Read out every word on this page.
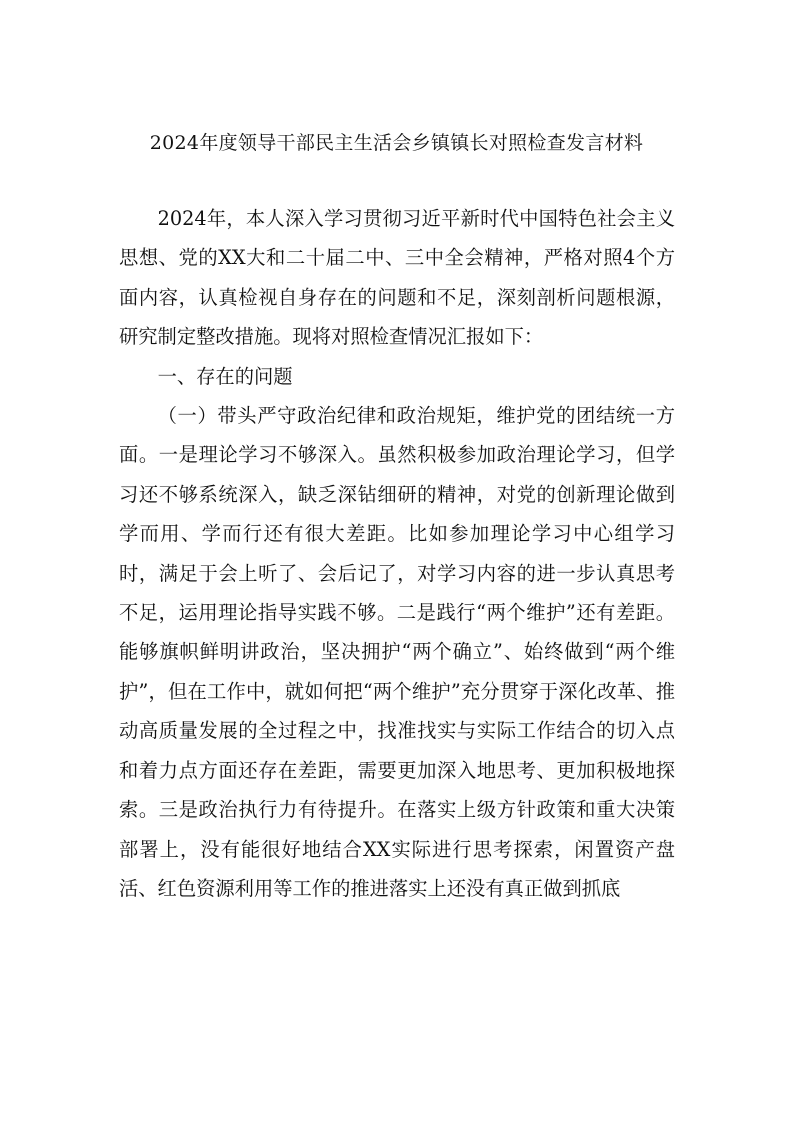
2024年度领导干部民主生活会乡镇镇长对照检查发言材料

2024年，本人深入学习贯彻习近平新时代中国特色社会主义思想、党的XX大和二十届二中、三中全会精神，严格对照4个方面内容，认真检视自身存在的问题和不足，深刻剖析问题根源，研究制定整改措施。现将对照检查情况汇报如下：

一、存在的问题

（一）带头严守政治纪律和政治规矩，维护党的团结统一方面。一是理论学习不够深入。虽然积极参加政治理论学习，但学习还不够系统深入，缺乏深钻细研的精神，对党的创新理论做到学而用、学而行还有很大差距。比如参加理论学习中心组学习时，满足于会上听了、会后记了，对学习内容的进一步认真思考不足，运用理论指导实践不够。二是践行“两个维护”还有差距。能够旗帜鲜明讲政治，坚决拥护“两个确立”、始终做到“两个维护”，但在工作中，就如何把“两个维护”充分贯穿于深化改革、推动高质量发展的全过程之中，找准找实与实际工作结合的切入点和着力点方面还存在差距，需要更加深入地思考、更加积极地探索。三是政治执行力有待提升。在落实上级方针政策和重大决策部署上，没有能很好地结合XX实际进行思考探索，闲置资产盘活、红色资源利用等工作的推进落实上还没有真正做到抓底
